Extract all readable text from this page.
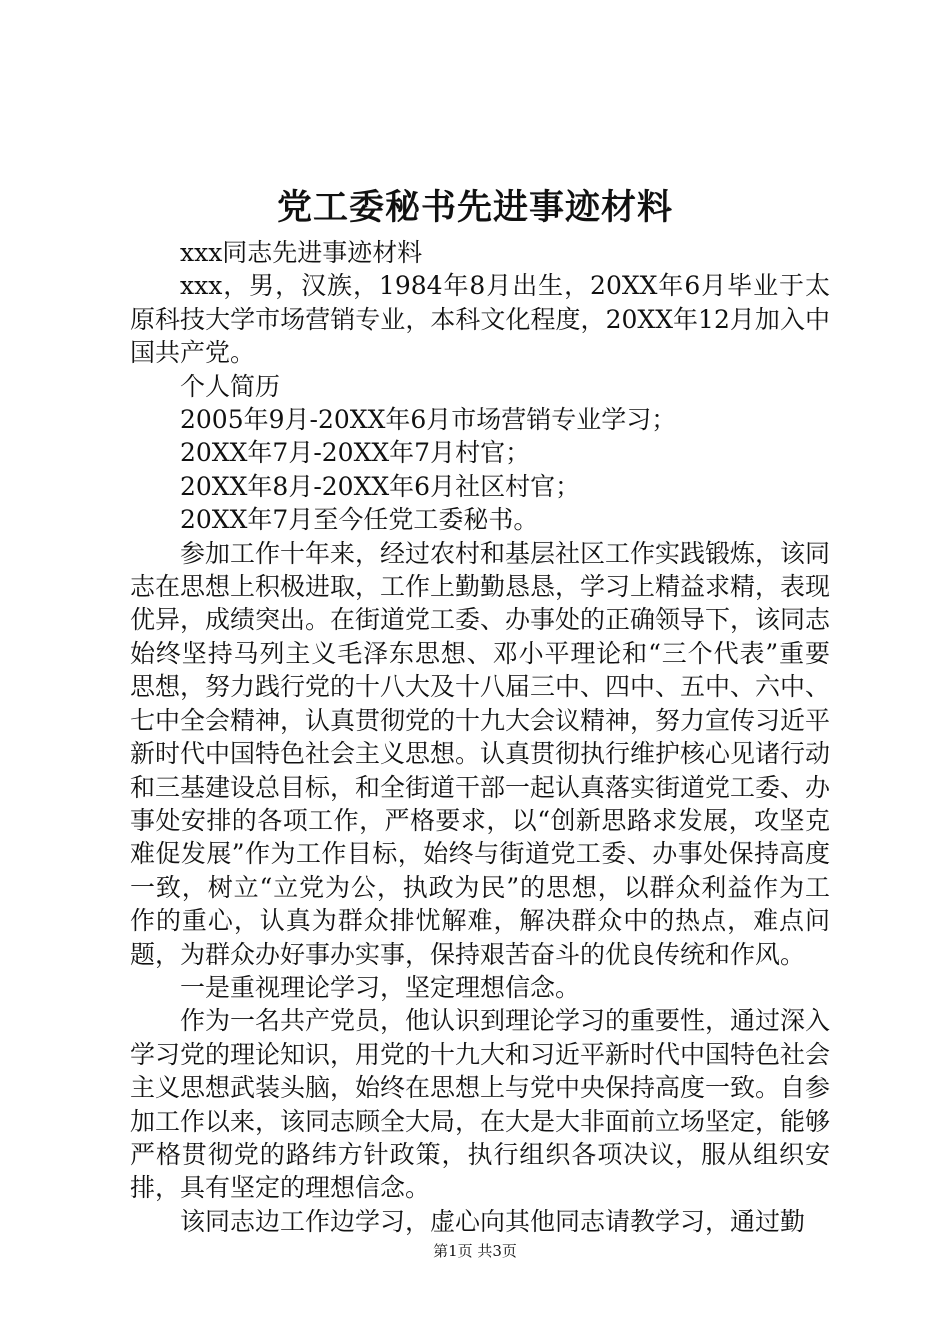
党工委秘书先进事迹材料

xxx同志先进事迹材料

xxx，男，汉族，1984年8月出生，20XX年6月毕业于太原科技大学市场营销专业，本科文化程度，20XX年12月加入中国共产党。

个人简历

2005年9月-20XX年6月市场营销专业学习；

20XX年7月-20XX年7月村官；

20XX年8月-20XX年6月社区村官；

20XX年7月至今任党工委秘书。

参加工作十年来，经过农村和基层社区工作实践锻炼，该同志在思想上积极进取，工作上勤勤恳恳，学习上精益求精，表现优异，成绩突出。在街道党工委、办事处的正确领导下，该同志始终坚持马列主义毛泽东思想、邓小平理论和“三个代表”重要思想，努力践行党的十八大及十八届三中、四中、五中、六中、七中全会精神，认真贯彻党的十九大会议精神，努力宣传习近平新时代中国特色社会主义思想。认真贯彻执行维护核心见诸行动和三基建设总目标，和全街道干部一起认真落实街道党工委、办事处安排的各项工作，严格要求，以“创新思路求发展，攻坚克难促发展”作为工作目标，始终与街道党工委、办事处保持高度一致，树立“立党为公，执政为民”的思想，以群众利益作为工作的重心，认真为群众排忧解难，解决群众中的热点，难点问题，为群众办好事办实事，保持艰苦奋斗的优良传统和作风。

一是重视理论学习，坚定理想信念。

作为一名共产党员，他认识到理论学习的重要性，通过深入学习党的理论知识，用党的十九大和习近平新时代中国特色社会主义思想武装头脑，始终在思想上与党中央保持高度一致。自参加工作以来，该同志顾全大局，在大是大非面前立场坚定，能够严格贯彻党的路纬方针政策，执行组织各项决议，服从组织安排，具有坚定的理想信念。

该同志边工作边学习，虚心向其他同志请教学习，通过勤

第1页 共3页
